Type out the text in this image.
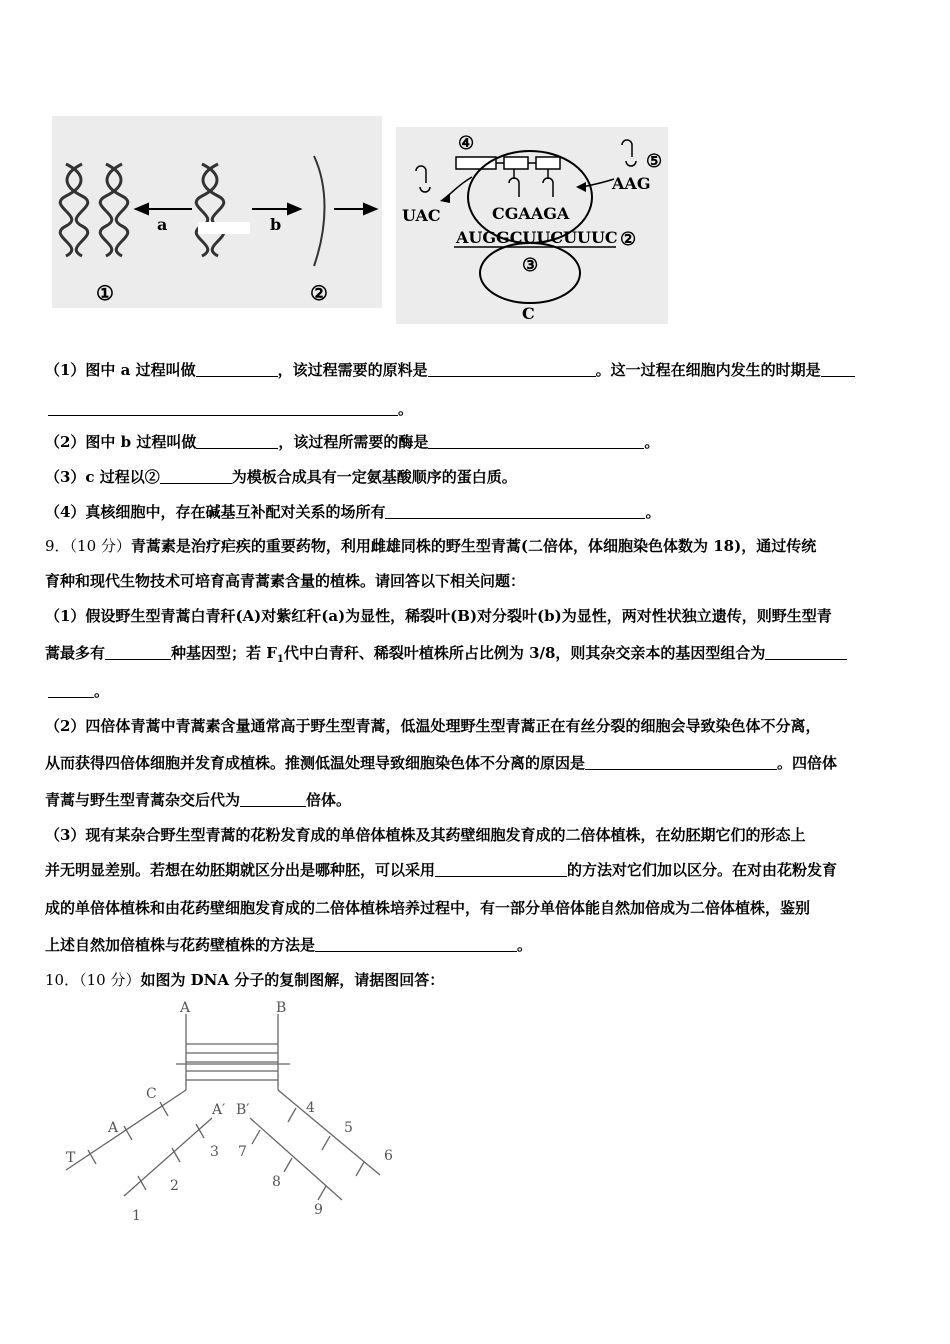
a	b
①	②
④
⑤
UAC
AAG
CGAAGA
AUGGCUUCUUUC ②
③
C
（1）图中 a 过程叫做	，该过程需要的原料是	。这一过程在细胞内发生的时期是
。
（2）图中 b 过程叫做	，该过程所需要的酶是	。
（3）c 过程以②	为模板合成具有一定氨基酸顺序的蛋白质。
（4）真核细胞中，存在碱基互补配对关系的场所有	。
9．（10 分）青蒿素是治疗疟疾的重要药物，利用雌雄同株的野生型青蒿(二倍体，体细胞染色体数为 18)，通过传统
育种和现代生物技术可培育高青蒿素含量的植株。请回答以下相关问题：
（1）假设野生型青蒿白青秆(A)对紫红秆(a)为显性，稀裂叶(B)对分裂叶(b)为显性，两对性状独立遗传，则野生型青
蒿最多有	种基因型；若 $F_1$代中白青秆、稀裂叶植株所占比例为 3/8，则其杂交亲本的基因型组合为
。
（2）四倍体青蒿中青蒿素含量通常高于野生型青蒿，低温处理野生型青蒿正在有丝分裂的细胞会导致染色体不分离，
从而获得四倍体细胞并发育成植株。推测低温处理导致细胞染色体不分离的原因是	。四倍体
青蒿与野生型青蒿杂交后代为	倍体。
（3）现有某杂合野生型青蒿的花粉发育成的单倍体植株及其药壁细胞发育成的二倍体植株，在幼胚期它们的形态上
并无明显差别。若想在幼胚期就区分出是哪种胚，可以采用	的方法对它们加以区分。在对由花粉发育
成的单倍体植株和由花药壁细胞发育成的二倍体植株培养过程中，有一部分单倍体能自然加倍成为二倍体植株，鉴别
上述自然加倍植株与花药壁植株的方法是	。
10．（10 分）如图为 DNA 分子的复制图解，请据图回答：
A	B
C
A′ B′
T
A
1
2
3
4
5
6
7
8
9
